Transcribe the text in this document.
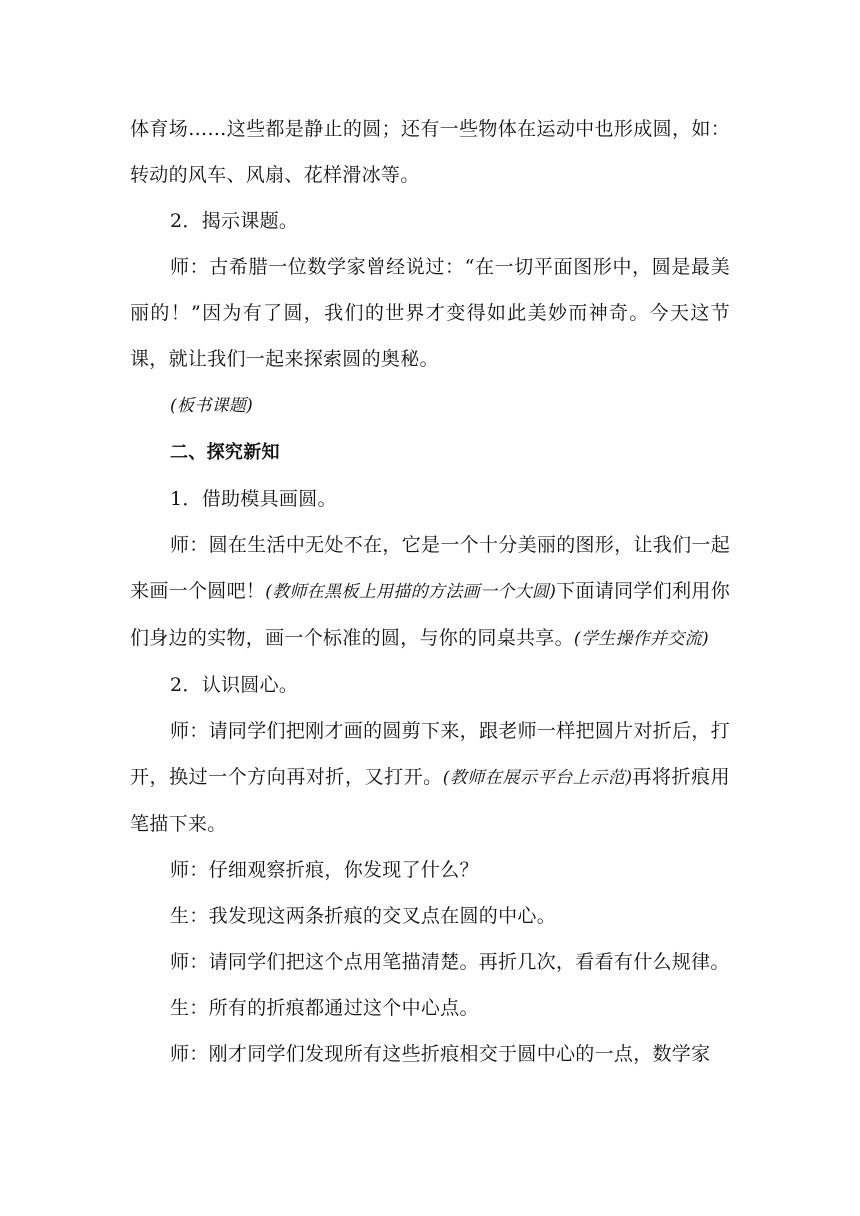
体育场……这些都是静止的圆；还有一些物体在运动中也形成圆，如：转动的风车、风扇、花样滑冰等。

2．揭示课题。

师：古希腊一位数学家曾经说过：“在一切平面图形中，圆是最美丽的！”因为有了圆，我们的世界才变得如此美妙而神奇。今天这节课，就让我们一起来探索圆的奥秘。

(板书课题)

二、探究新知

1．借助模具画圆。

师：圆在生活中无处不在，它是一个十分美丽的图形，让我们一起来画一个圆吧！(教师在黑板上用描的方法画一个大圆)下面请同学们利用你们身边的实物，画一个标准的圆，与你的同桌共享。(学生操作并交流)

2．认识圆心。

师：请同学们把刚才画的圆剪下来，跟老师一样把圆片对折后，打开，换过一个方向再对折，又打开。(教师在展示平台上示范)再将折痕用笔描下来。

师：仔细观察折痕，你发现了什么？

生：我发现这两条折痕的交叉点在圆的中心。

师：请同学们把这个点用笔描清楚。再折几次，看看有什么规律。

生：所有的折痕都通过这个中心点。

师：刚才同学们发现所有这些折痕相交于圆中心的一点，数学家
